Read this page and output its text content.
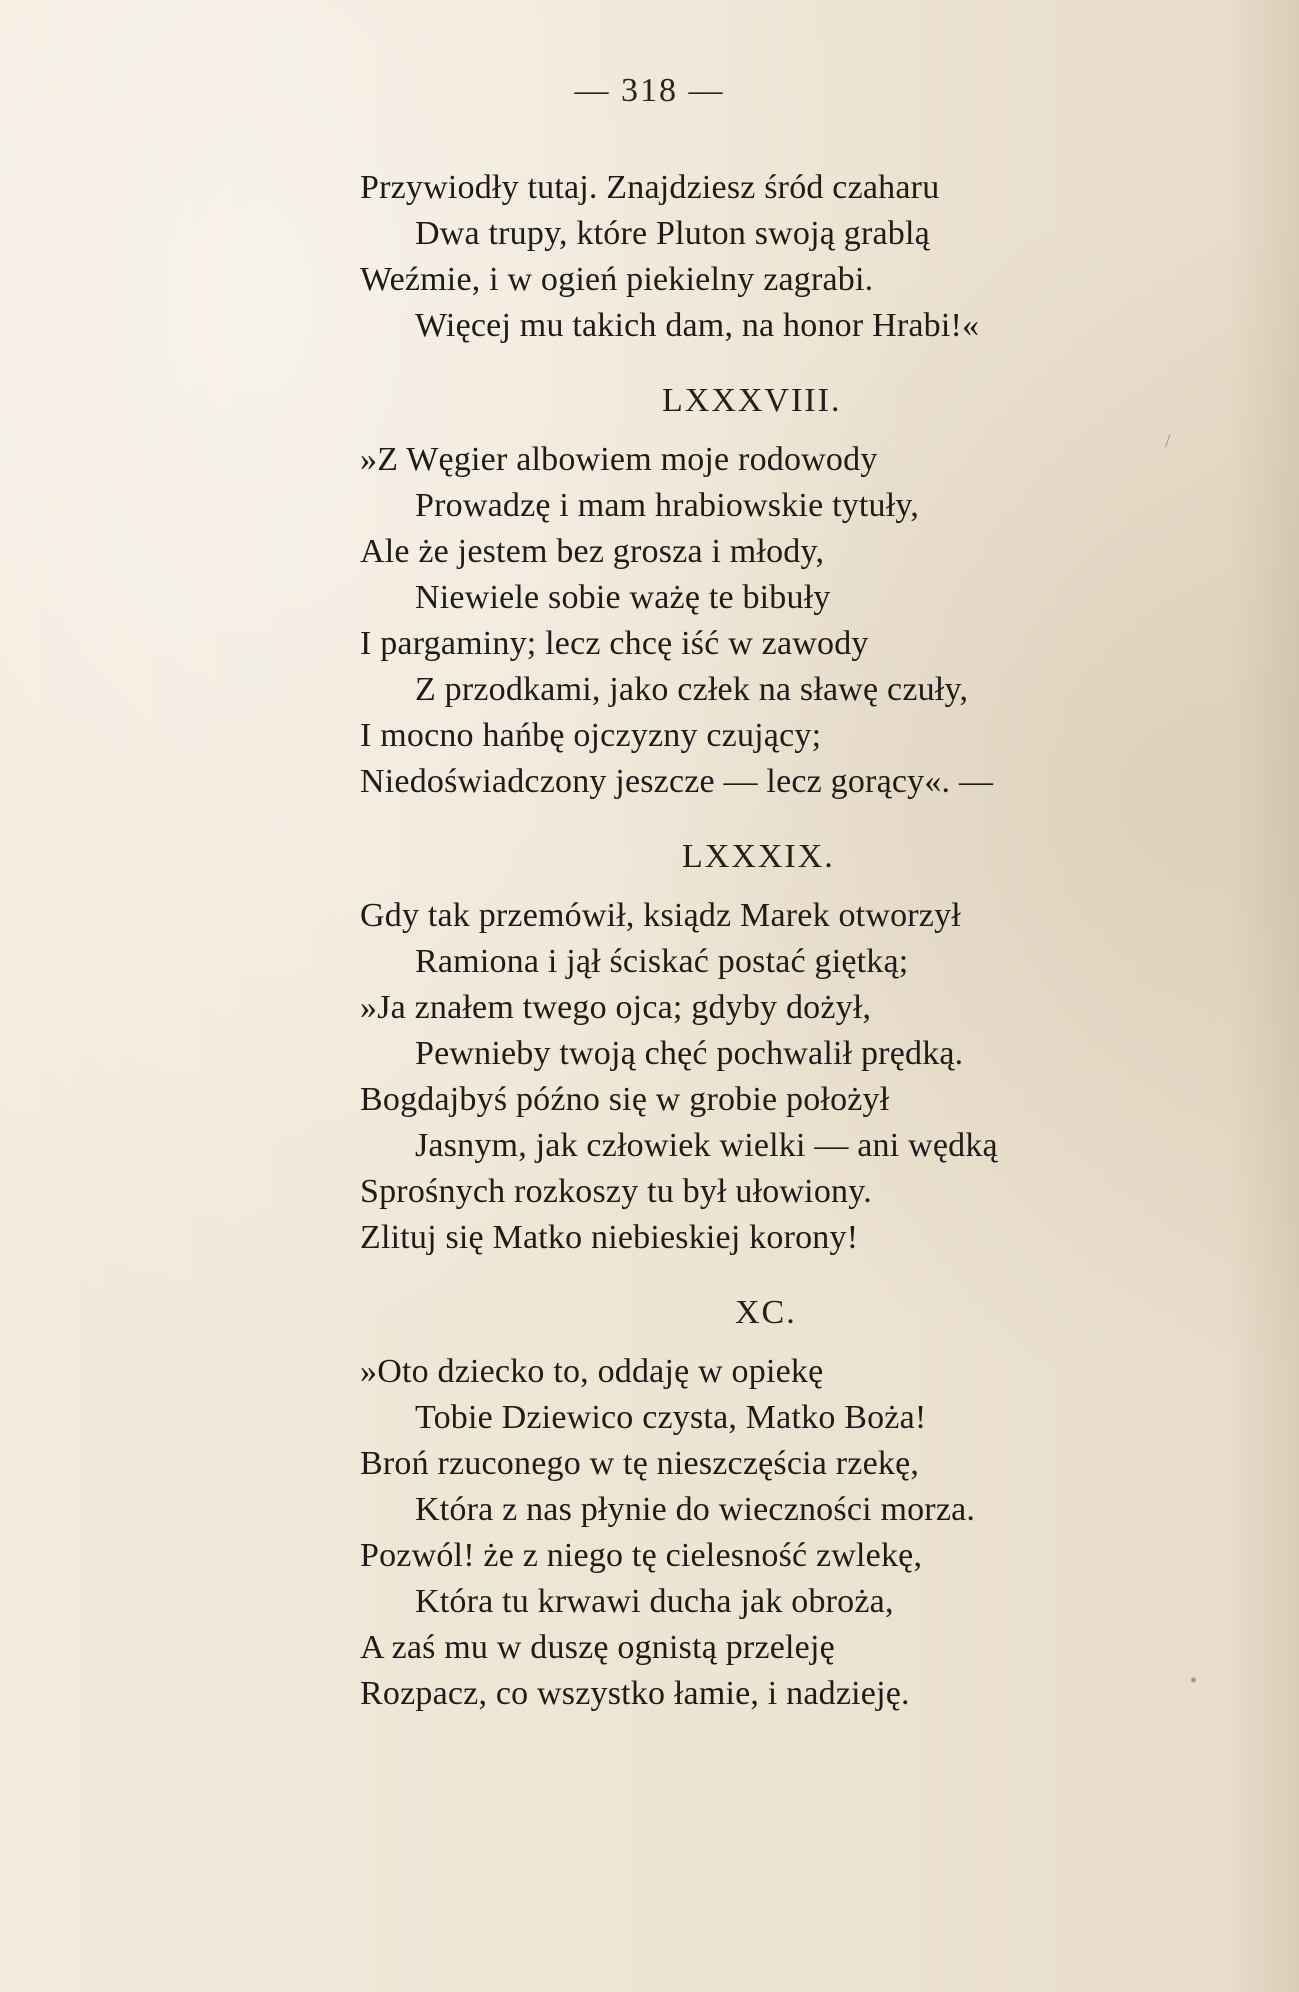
— 318 —
Przywiodły tutaj. Znajdziesz śród czaharu
Dwa trupy, które Pluton swoją grablą
Weźmie, i w ogień piekielny zagrabi.
Więcej mu takich dam, na honor Hrabi!«
LXXXVIII.
»Z Węgier albowiem moje rodowody
Prowadzę i mam hrabiowskie tytuły,
Ale że jestem bez grosza i młody,
Niewiele sobie ważę te bibuły
I pargaminy; lecz chcę iść w zawody
Z przodkami, jako człek na sławę czuły,
I mocno hańbę ojczyzny czujący;
Niedoświadczony jeszcze — lecz gorący«. —
LXXXIX.
Gdy tak przemówił, ksiądz Marek otworzył
Ramiona i jął ściskać postać giętką;
»Ja znałem twego ojca; gdyby dożył,
Pewnieby twoją chęć pochwalił prędką.
Bogdajbyś późno się w grobie położył
Jasnym, jak człowiek wielki — ani wędką
Sprośnych rozkoszy tu był ułowiony.
Zlituj się Matko niebieskiej korony!
XC.
»Oto dziecko to, oddaję w opiekę
Tobie Dziewico czysta, Matko Boża!
Broń rzuconego w tę nieszczęścia rzekę,
Która z nas płynie do wieczności morza.
Pozwól! że z niego tę cielesność zwlekę,
Która tu krwawi ducha jak obroża,
A zaś mu w duszę ognistą przeleję
Rozpacz, co wszystko łamie, i nadzieję.
/
•
